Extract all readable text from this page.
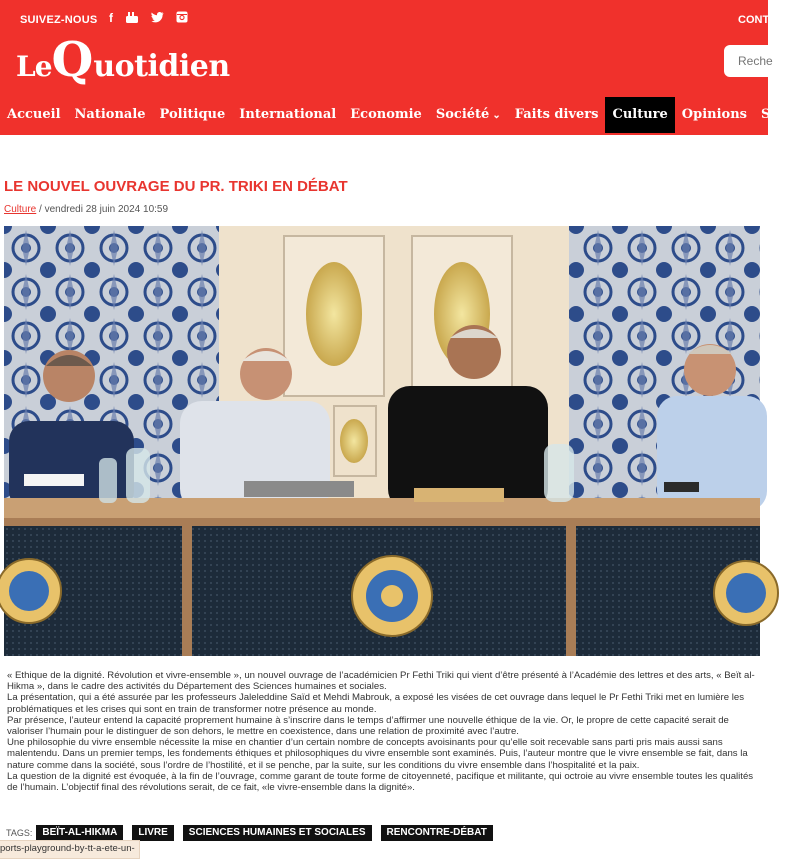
SUIVEZ-NOUS f	CONT
LeQuotidien
Reche
Accueil	Nationale	Politique	International	Economie	Société ⌄	Faits divers	Culture	Opinions	Sport
LE NOUVEL OUVRAGE DU PR. TRIKI EN DÉBAT
Culture / vendredi 28 juin 2024 10:59

« Ethique de la dignité. Révolution et vivre-ensemble », un nouvel ouvrage de l’académicien Pr Fethi Triki qui vient d’être présenté à l’Académie des lettres et des arts, « Beït al-Hikma », dans le cadre des activités du Département des Sciences humaines et sociales.

La présentation, qui a été assurée par les professeurs Jaleleddine Saïd et Mehdi Mabrouk, a exposé les visées de cet ouvrage dans lequel le Pr Fethi Triki met en lumière les problématiques et les crises qui sont en train de transformer notre présence au monde.

Par présence, l’auteur entend la capacité proprement humaine à s’inscrire dans le temps d’affirmer une nouvelle éthique de la vie. Or, le propre de cette capacité serait de valoriser l’humain pour le distinguer de son dehors, le mettre en coexistence, dans une relation de proximité avec l’autre.

Une philosophie du vivre ensemble nécessite la mise en chantier d’un certain nombre de concepts avoisinants pour qu’elle soit recevable sans parti pris mais aussi sans malentendu. Dans un premier temps, les fondements éthiques et philosophiques du vivre ensemble sont examinés. Puis, l’auteur montre que le vivre ensemble se fait, dans la nature comme dans la société, sous l’ordre de l’hostilité, et il se penche, par la suite, sur les conditions du vivre ensemble dans l’hospitalité et la paix.

La question de la dignité est évoquée, à la fin de l’ouvrage, comme garant de toute forme de citoyenneté, pacifique et militante, qui octroie au vivre ensemble toutes les qualités de l’humain. L’objectif final des révolutions serait, de ce fait, «le vivre-ensemble dans la dignité».

TAGS:	BEÏT-AL-HIKMA	LIVRE	SCIENCES HUMAINES ET SOCIALES	RENCONTRE-DÉBAT
ports-playground-by-tt-a-ete-un-
